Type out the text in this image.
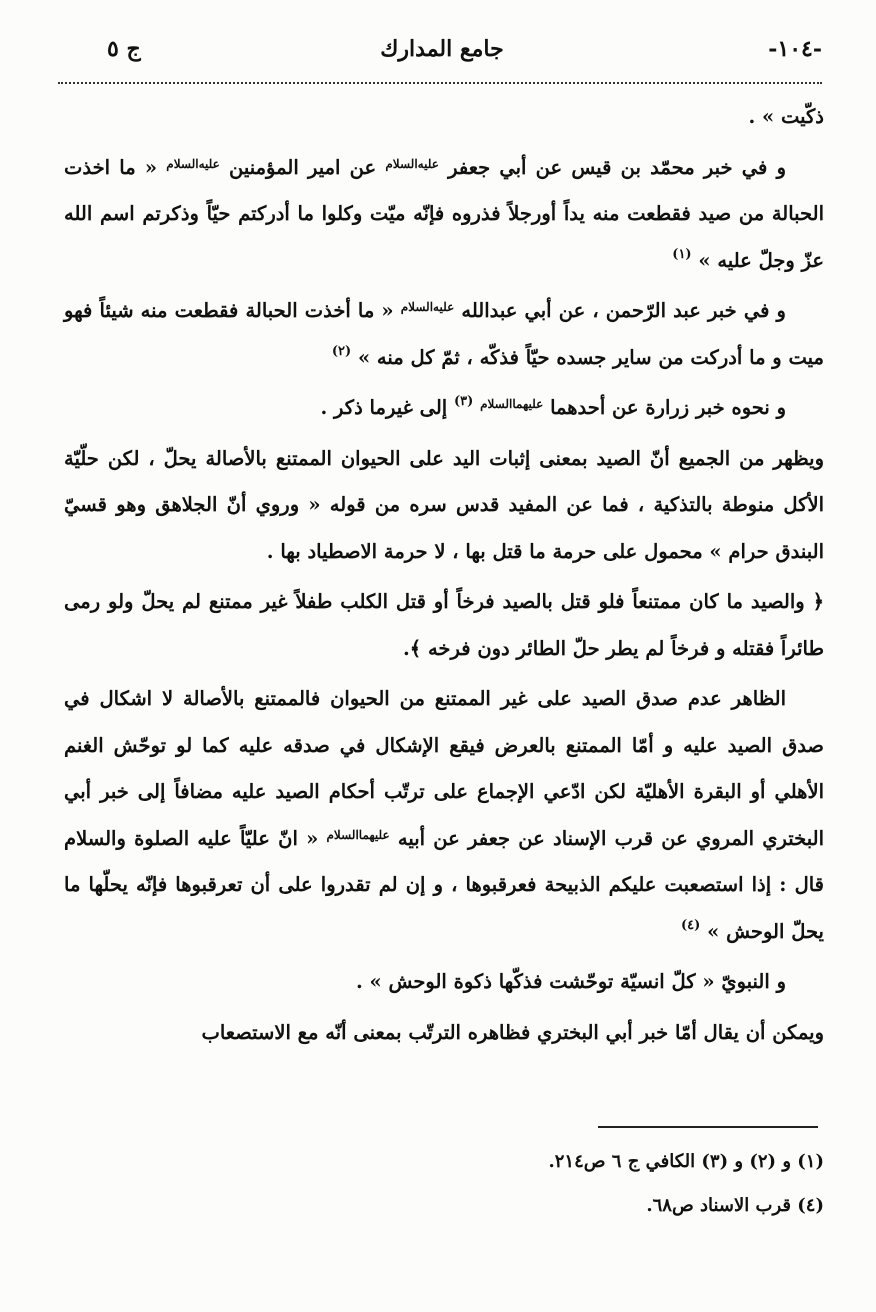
-١٠٤-
جامع المدارك
ج ٥

ذكّيت » .

و في خبر محمّد بن قيس عن أبي جعفر $^{عليه‌السلام}$ عن امير المؤمنين $^{عليه‌السلام}$ « ما اخذت الحبالة من صيد فقطعت منه يداً أورجلاً فذروه فإنّه ميّت وكلوا ما أدركتم حيّاً وذكرتم اسم الله عزّ وجلّ عليه » $^{(١)}$

و في خبر عبد الرّحمن ، عن أبي عبدالله $^{عليه‌السلام}$ « ما أخذت الحبالة فقطعت منه شيئاً فهو ميت و ما أدركت من ساير جسده حيّاً فذكّه ، ثمّ كل منه » $^{(٢)}$

و نحوه خبر زرارة عن أحدهما $^{عليهما‌السلام}$ $^{(٣)}$ إلى غيرما ذكر .

ويظهر من الجميع أنّ الصيد بمعنى إثبات اليد على الحيوان الممتنع بالأصالة يحلّ ، لكن حلّيّة الأكل منوطة بالتذكية ، فما عن المفيد قدس سره من قوله « وروي أنّ الجلاهق وهو قسيّ البندق حرام » محمول على حرمة ما قتل بها ، لا حرمة الاصطياد بها .

﴿ والصيد ما كان ممتنعاً فلو قتل بالصيد فرخاً أو قتل الكلب طفلاً غير ممتنع لم يحلّ ولو رمى طائراً فقتله و فرخاً لم يطر حلّ الطائر دون فرخه ﴾.

الظاهر عدم صدق الصيد على غير الممتنع من الحيوان فالممتنع بالأصالة لا اشكال في صدق الصيد عليه و أمّا الممتنع بالعرض فيقع الإشكال في صدقه عليه كما لو توحّش الغنم الأهلي أو البقرة الأهليّة لكن ادّعي الإجماع على ترتّب أحكام الصيد عليه مضافاً إلى خبر أبي البختري المروي عن قرب الإسناد عن جعفر عن أبيه $^{عليهما‌السلام}$ « انّ عليّاً عليه الصلوة والسلام قال : إذا استصعبت عليكم الذبيحة فعرقبوها ، و إن لم تقدروا على أن تعرقبوها فإنّه يحلّها ما يحلّ الوحش » $^{(٤)}$

و النبويّ « كلّ انسيّة توحّشت فذكّها ذكوة الوحش » .

ويمكن أن يقال أمّا خبر أبي البختري فظاهره الترتّب بمعنى أنّه مع الاستصعاب

(١) و (٢) و (٣) الكافي ج ٦ ص٢١٤.
(٤) قرب الاسناد ص٦٨.
